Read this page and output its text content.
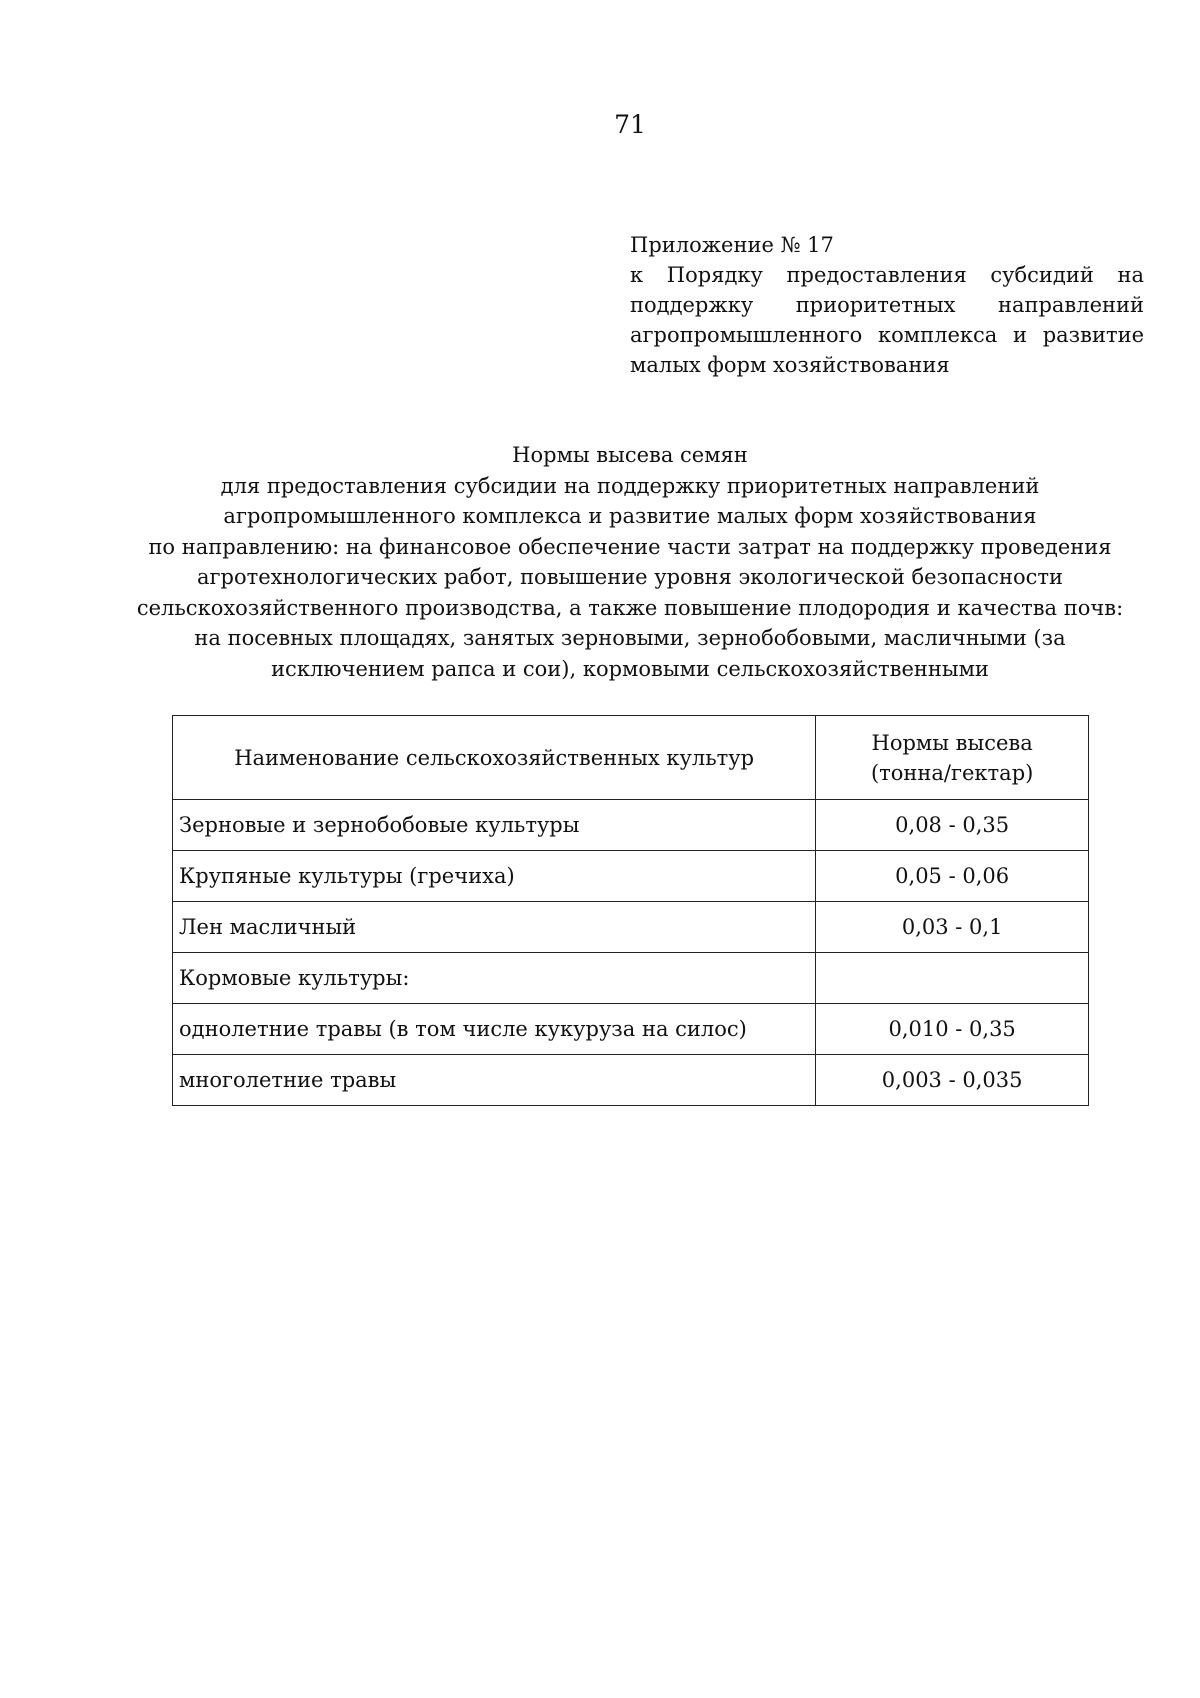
71
Приложение № 17
к Порядку предоставления субсидий на поддержку приоритетных направлений агропромышленного комплекса и развитие малых форм хозяйствования
Нормы высева семян
для предоставления субсидии на поддержку приоритетных направлений
агропромышленного комплекса и развитие малых форм хозяйствования
по направлению: на финансовое обеспечение части затрат на поддержку проведения
агротехнологических работ, повышение уровня экологической безопасности
сельскохозяйственного производства, а также повышение плодородия и качества почв:
на посевных площадях, занятых зерновыми, зернобобовыми, масличными (за
исключением рапса и сои), кормовыми сельскохозяйственными
Наименование сельскохозяйственных культур	Нормы высева
(тонна/гектар)
Зерновые и зернобобовые культуры	0,08 - 0,35
Крупяные культуры (гречиха)	0,05 - 0,06
Лен масличный	0,03 - 0,1
Кормовые культуры:	
однолетние травы (в том числе кукуруза на силос)	0,010 - 0,35
многолетние травы	0,003 - 0,035
